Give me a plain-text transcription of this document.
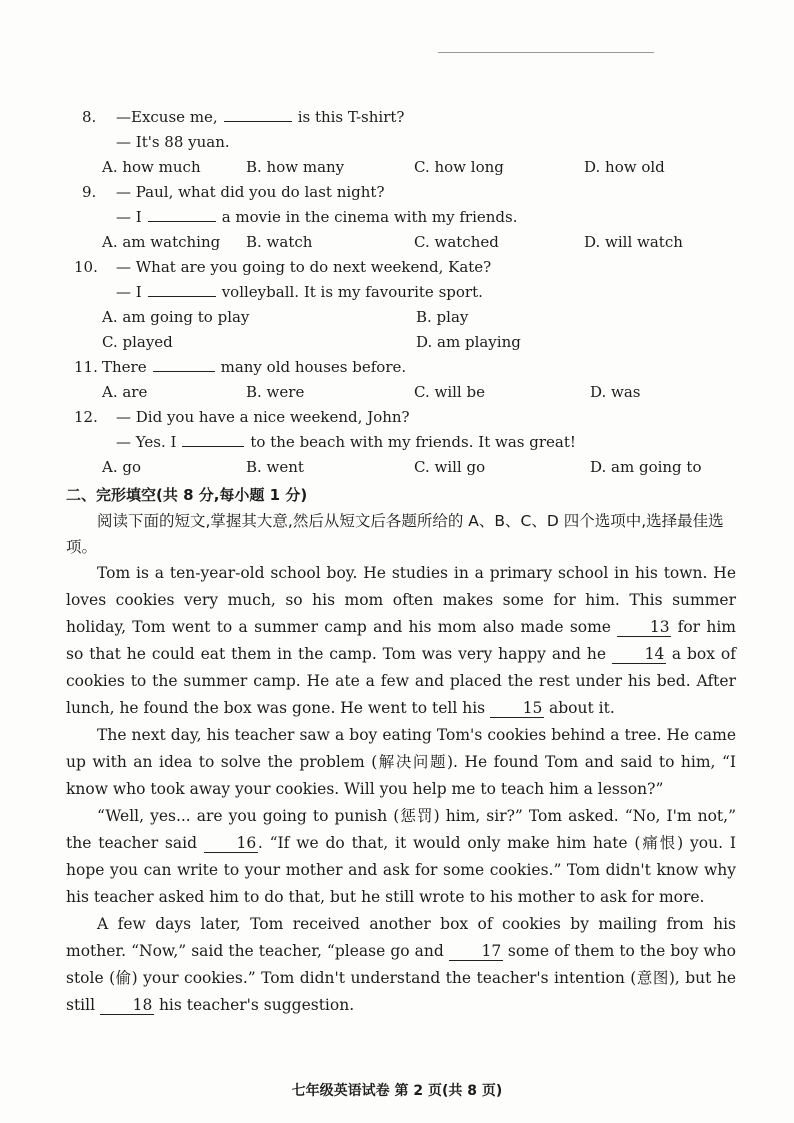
8. —Excuse me,	is this T-shirt?
— It's 88 yuan.
A. how much	B. how many	C. how long	D. how old
9. — Paul, what did you do last night?
— I	a movie in the cinema with my friends.
A. am watching B. watch	C. watched	D. will watch
10. — What are you going to do next weekend, Kate?
— I	volleyball. It is my favourite sport.
A. am going to play	B. play
C. played	D. am playing
11. There	many old houses before.
A. are	B. were	C. will be	D. was
12. — Did you have a nice weekend, John?
— Yes. I	to the beach with my friends. It was great!
A. go	B. went	C. will go	D. am going to
二、完形填空(共 8 分,每小题 1 分)
阅读下面的短文,掌握其大意,然后从短文后各题所给的 A、B、C、D 四个选项中,选择最佳选项。

Tom is a ten-year-old school boy. He studies in a primary school in his town. He loves cookies very much, so his mom often makes some for him. This summer holiday, Tom went to a summer camp and his mom also made some	13 for him so that he could eat them in the camp. Tom was very happy and he 14 a box of cookies to the summer camp. He ate a few and placed the rest under his bed. After lunch, he found the box was gone. He went to tell his 15 about it.

The next day, his teacher saw a boy eating Tom's cookies behind a tree. He came up with an idea to solve the problem (解决问题). He found Tom and said to him, “I know who took away your cookies. Will you help me to teach him a lesson?”

“Well, yes... are you going to punish (惩罚) him, sir?” Tom asked. “No, I'm not,” the teacher said	16 . “If we do that, it would only make him hate (痛恨) you. I hope you can write to your mother and ask for some cookies.” Tom didn't know why his teacher asked him to do that, but he still wrote to his mother to ask for more.

A few days later, Tom received another box of cookies by mailing from his mother. “Now,” said the teacher, “please go and 17 some of them to the boy who stole (偷) your cookies.” Tom didn't understand the teacher's intention (意图), but he still 18 his teacher's suggestion.

七年级英语试卷 第 2 页(共 8 页)
